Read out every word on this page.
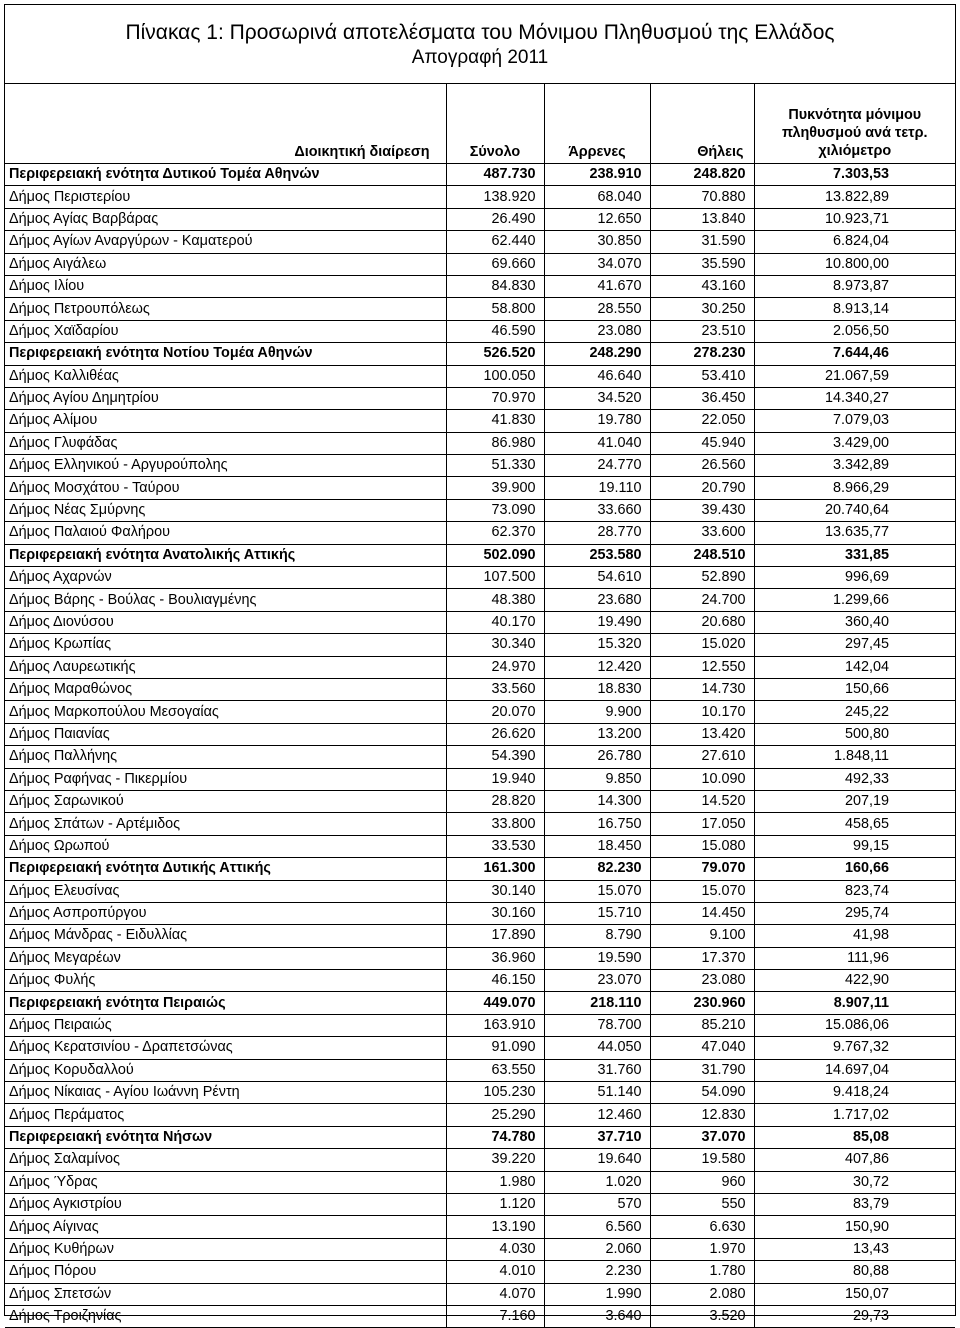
Πίνακας 1: Προσωρινά αποτελέσματα του Μόνιμου Πληθυσμού της Ελλάδος
Απογραφή 2011
Διοικητική διαίρεση	Σύνολο	Άρρενες	Θήλεις	Πυκνότητα μόνιμου πληθυσμού ανά τετρ. χιλιόμετρο
Περιφερειακή ενότητα Δυτικού Τομέα Αθηνών	487.730	238.910	248.820	7.303,53
Δήμος Περιστερίου	138.920	68.040	70.880	13.822,89
Δήμος Αγίας Βαρβάρας	26.490	12.650	13.840	10.923,71
Δήμος Αγίων Αναργύρων - Καματερού	62.440	30.850	31.590	6.824,04
Δήμος Αιγάλεω	69.660	34.070	35.590	10.800,00
Δήμος Ιλίου	84.830	41.670	43.160	8.973,87
Δήμος Πετρουπόλεως	58.800	28.550	30.250	8.913,14
Δήμος Χαϊδαρίου	46.590	23.080	23.510	2.056,50
Περιφερειακή ενότητα Νοτίου Τομέα Αθηνών	526.520	248.290	278.230	7.644,46
Δήμος Καλλιθέας	100.050	46.640	53.410	21.067,59
Δήμος Αγίου Δημητρίου	70.970	34.520	36.450	14.340,27
Δήμος Αλίμου	41.830	19.780	22.050	7.079,03
Δήμος Γλυφάδας	86.980	41.040	45.940	3.429,00
Δήμος Ελληνικού - Αργυρούπολης	51.330	24.770	26.560	3.342,89
Δήμος Μοσχάτου - Ταύρου	39.900	19.110	20.790	8.966,29
Δήμος Νέας Σμύρνης	73.090	33.660	39.430	20.740,64
Δήμος Παλαιού Φαλήρου	62.370	28.770	33.600	13.635,77
Περιφερειακή ενότητα Ανατολικής Αττικής	502.090	253.580	248.510	331,85
Δήμος Αχαρνών	107.500	54.610	52.890	996,69
Δήμος Βάρης - Βούλας - Βουλιαγμένης	48.380	23.680	24.700	1.299,66
Δήμος Διονύσου	40.170	19.490	20.680	360,40
Δήμος Κρωπίας	30.340	15.320	15.020	297,45
Δήμος Λαυρεωτικής	24.970	12.420	12.550	142,04
Δήμος Μαραθώνος	33.560	18.830	14.730	150,66
Δήμος Μαρκοπούλου Μεσογαίας	20.070	9.900	10.170	245,22
Δήμος Παιανίας	26.620	13.200	13.420	500,80
Δήμος Παλλήνης	54.390	26.780	27.610	1.848,11
Δήμος Ραφήνας - Πικερμίου	19.940	9.850	10.090	492,33
Δήμος Σαρωνικού	28.820	14.300	14.520	207,19
Δήμος Σπάτων - Αρτέμιδος	33.800	16.750	17.050	458,65
Δήμος Ωρωπού	33.530	18.450	15.080	99,15
Περιφερειακή ενότητα Δυτικής Αττικής	161.300	82.230	79.070	160,66
Δήμος Ελευσίνας	30.140	15.070	15.070	823,74
Δήμος Ασπροπύργου	30.160	15.710	14.450	295,74
Δήμος Μάνδρας - Ειδυλλίας	17.890	8.790	9.100	41,98
Δήμος Μεγαρέων	36.960	19.590	17.370	111,96
Δήμος Φυλής	46.150	23.070	23.080	422,90
Περιφερειακή ενότητα Πειραιώς	449.070	218.110	230.960	8.907,11
Δήμος Πειραιώς	163.910	78.700	85.210	15.086,06
Δήμος Κερατσινίου - Δραπετσώνας	91.090	44.050	47.040	9.767,32
Δήμος Κορυδαλλού	63.550	31.760	31.790	14.697,04
Δήμος Νίκαιας - Αγίου Ιωάννη Ρέντη	105.230	51.140	54.090	9.418,24
Δήμος Περάματος	25.290	12.460	12.830	1.717,02
Περιφερειακή ενότητα Νήσων	74.780	37.710	37.070	85,08
Δήμος Σαλαμίνος	39.220	19.640	19.580	407,86
Δήμος Ύδρας	1.980	1.020	960	30,72
Δήμος Αγκιστρίου	1.120	570	550	83,79
Δήμος Αίγινας	13.190	6.560	6.630	150,90
Δήμος Κυθήρων	4.030	2.060	1.970	13,43
Δήμος Πόρου	4.010	2.230	1.780	80,88
Δήμος Σπετσών	4.070	1.990	2.080	150,07
Δήμος Τροιζηνίας	7.160	3.640	3.520	29,73
